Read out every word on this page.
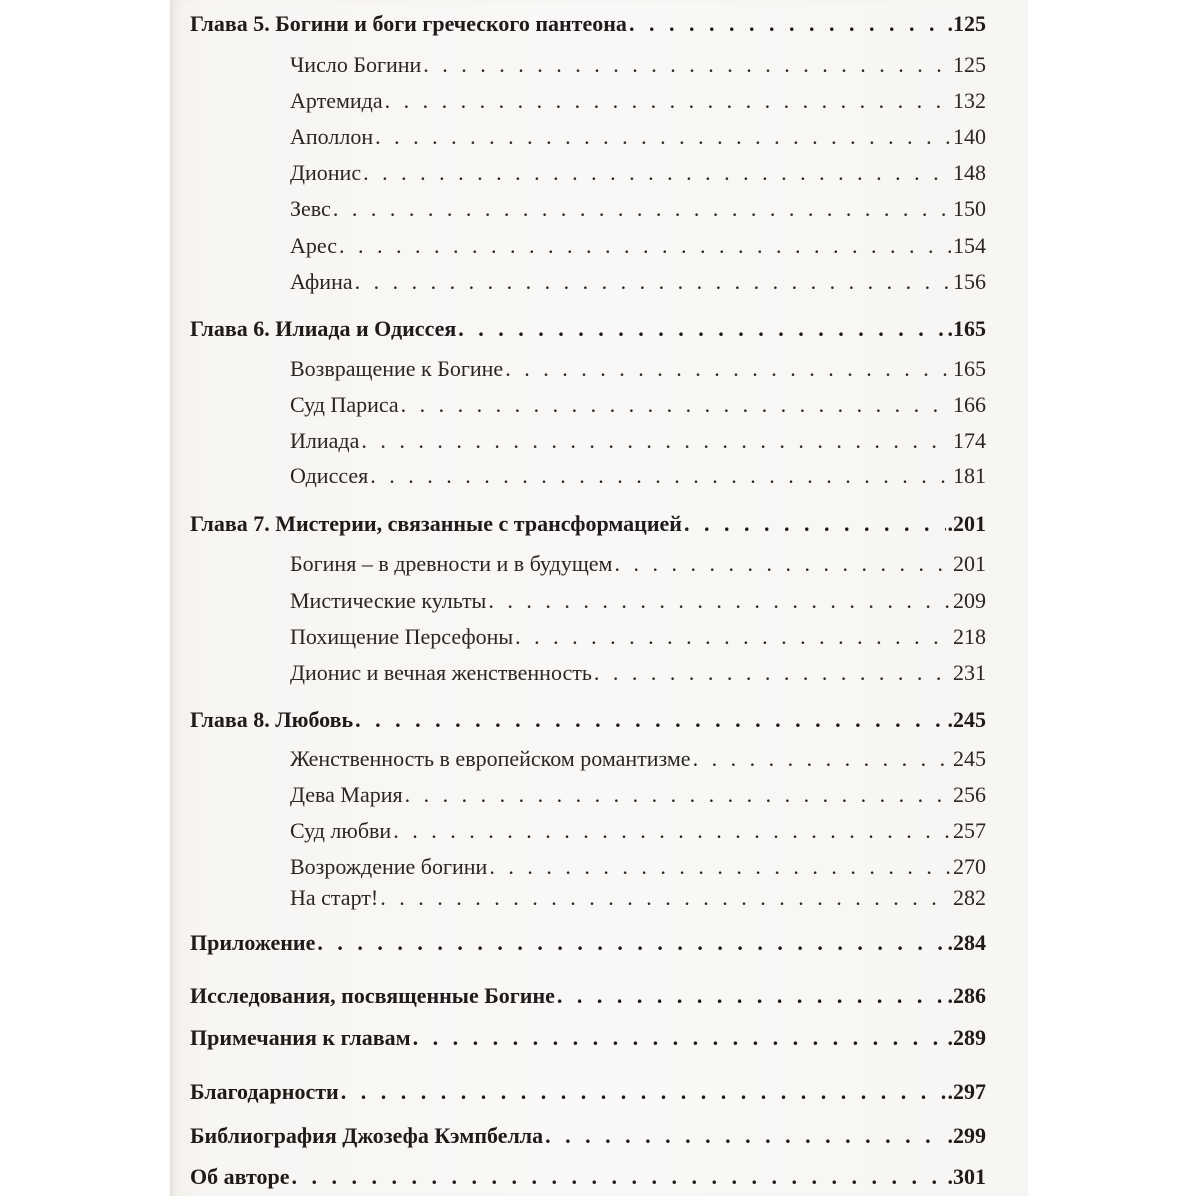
Глава 5. Богини и боги греческого пантеона . . .	.125
Число Богини . . .	125
Артемида . . .	132
Аполлон . . .	140
Дионис . . .	148
Зевс . . .	150
Арес . . .	154
Афина . . .	156
Глава 6. Илиада и Одиссея . . .	.165
Возвращение к Богине . . .	165
Суд Париса . . .	166
Илиада . . .	174
Одиссея . . .	181
Глава 7. Мистерии, связанные с трансформацией . . .	.201
Богиня – в древности и в будущем . . .	201
Мистические культы . . .	209
Похищение Персефоны . . .	218
Дионис и вечная женственность . . .	231
Глава 8. Любовь . . .	.245
Женственность в европейском романтизме . . .	245
Дева Мария . . .	256
Суд любви . . .	257
Возрождение богини . . .	270
На старт! . . .	282
Приложение . . .	.284
Исследования, посвященные Богине . . .	.286
Примечания к главам . . .	.289
Благодарности . . .	.297
Библиография Джозефа Кэмпбелла . . .	.299
Об авторе . . .	.301
